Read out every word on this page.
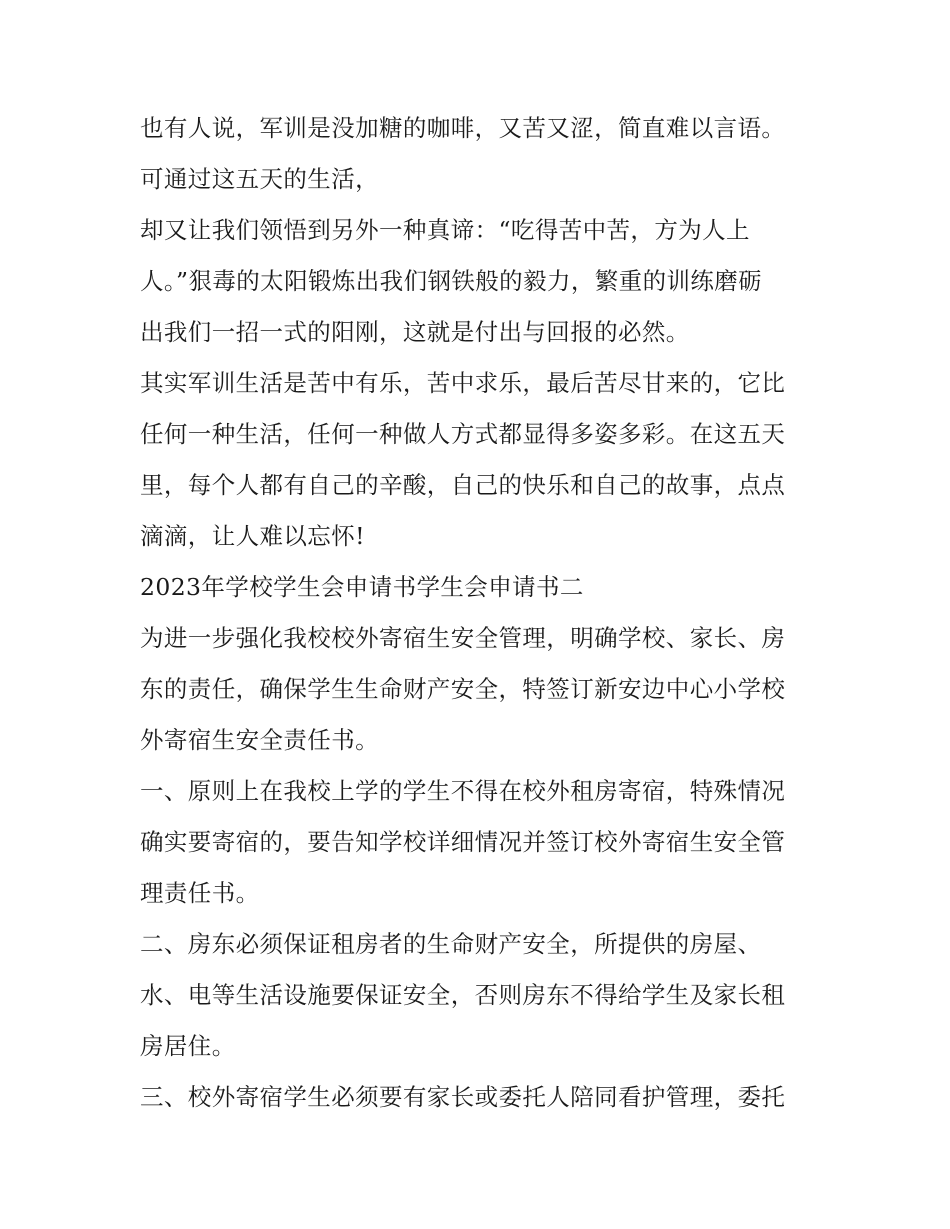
也有人说，军训是没加糖的咖啡，又苦又涩，简直难以言语。
可通过这五天的生活，
却又让我们领悟到另外一种真谛：“吃得苦中苦，方为人上
人。”狠毒的太阳锻炼出我们钢铁般的毅力，繁重的训练磨砺
出我们一招一式的阳刚，这就是付出与回报的必然。
其实军训生活是苦中有乐，苦中求乐，最后苦尽甘来的，它比
任何一种生活，任何一种做人方式都显得多姿多彩。在这五天
里，每个人都有自己的辛酸，自己的快乐和自己的故事，点点
滴滴，让人难以忘怀!
2023年学校学生会申请书学生会申请书二
为进一步强化我校校外寄宿生安全管理，明确学校、家长、房
东的责任，确保学生生命财产安全，特签订新安边中心小学校
外寄宿生安全责任书。
一、原则上在我校上学的学生不得在校外租房寄宿，特殊情况
确实要寄宿的，要告知学校详细情况并签订校外寄宿生安全管
理责任书。
二、房东必须保证租房者的生命财产安全，所提供的房屋、
水、电等生活设施要保证安全，否则房东不得给学生及家长租
房居住。
三、校外寄宿学生必须要有家长或委托人陪同看护管理，委托
